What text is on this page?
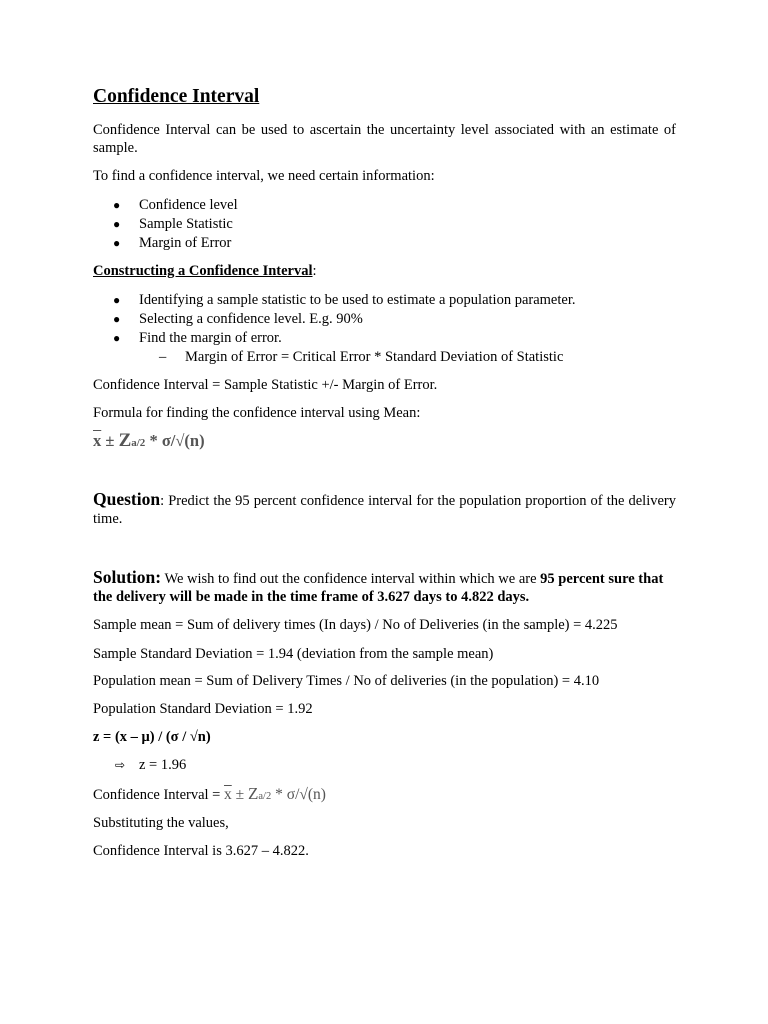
Confidence Interval
Confidence Interval can be used to ascertain the uncertainty level associated with an estimate of sample.
To find a confidence interval, we need certain information:
● Confidence level
● Sample Statistic
● Margin of Error
Constructing a Confidence Interval:
● Identifying a sample statistic to be used to estimate a population parameter.
● Selecting a confidence level. E.g. 90%
● Find the margin of error.
– Margin of Error = Critical Error * Standard Deviation of Statistic
Confidence Interval = Sample Statistic +/- Margin of Error.
Formula for finding the confidence interval using Mean:
$\overline{x} \pm Za/2 * \sigma/√(n)$
Question: Predict the 95 percent confidence interval for the population proportion of the delivery time.
Solution: We wish to find out the confidence interval within which we are 95 percent sure that the delivery will be made in the time frame of 3.627 days to 4.822 days.
Sample mean = Sum of delivery times (In days) / No of Deliveries (in the sample) = 4.225
Sample Standard Deviation = 1.94 (deviation from the sample mean)
Population mean = Sum of Delivery Times / No of deliveries (in the population) = 4.10
Population Standard Deviation = 1.92
z = (x – μ) / (σ / √n)
⇨ z = 1.96
Confidence Interval = $\overline{x} \pm Za/2 * \sigma/√(n)$
Substituting the values,
Confidence Interval is 3.627 – 4.822.
